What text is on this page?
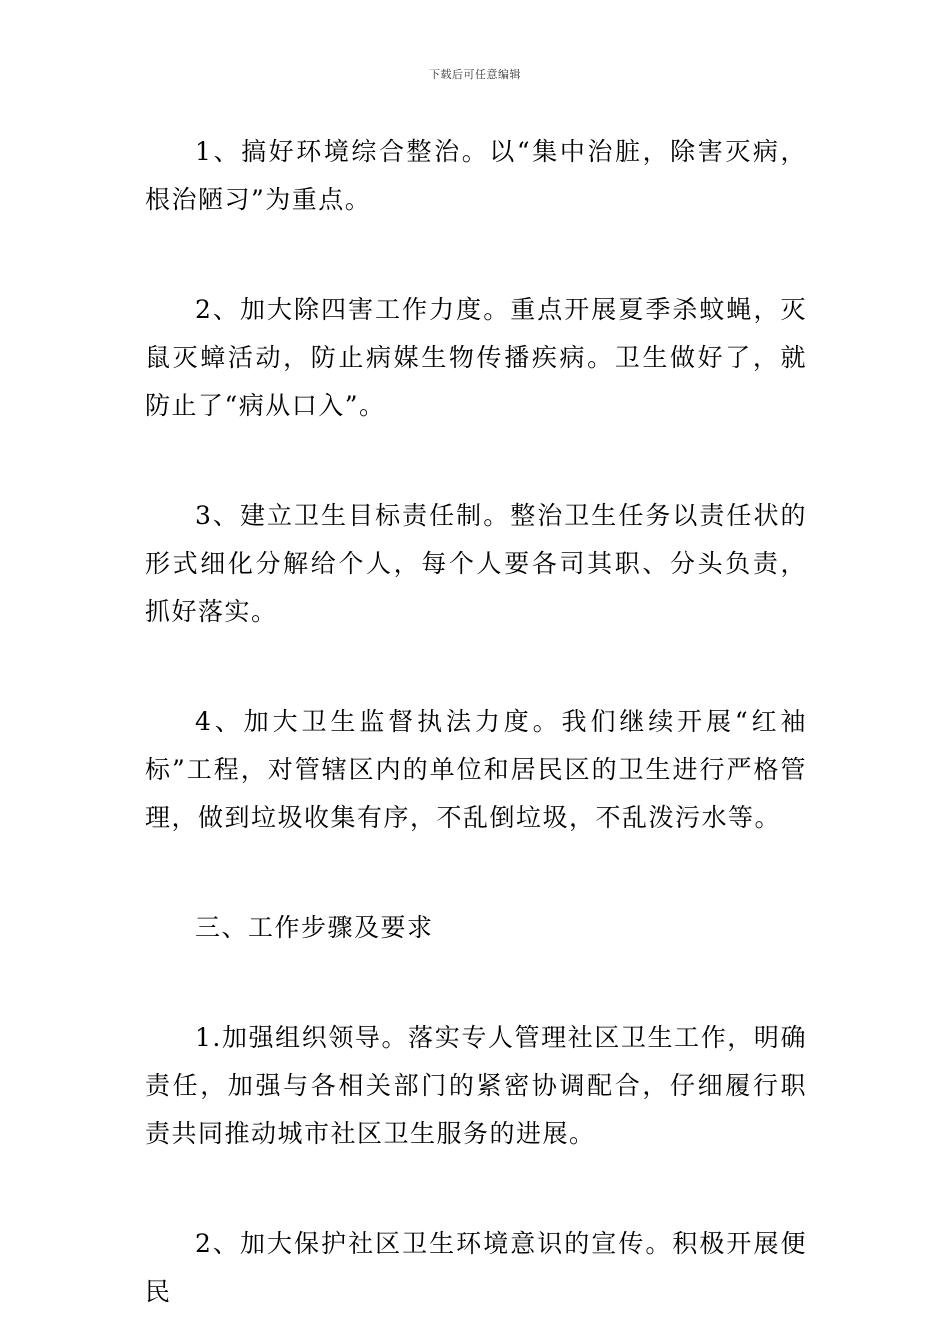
下载后可任意编辑

1、搞好环境综合整治。以“集中治脏，除害灭病，根治陋习”为重点。

2、加大除四害工作力度。重点开展夏季杀蚊蝇，灭鼠灭蟑活动，防止病媒生物传播疾病。卫生做好了，就防止了“病从口入”。

3、建立卫生目标责任制。整治卫生任务以责任状的形式细化分解给个人，每个人要各司其职、分头负责，抓好落实。

4、加大卫生监督执法力度。我们继续开展“红袖标”工程，对管辖区内的单位和居民区的卫生进行严格管理，做到垃圾收集有序，不乱倒垃圾，不乱泼污水等。

三、工作步骤及要求

1.加强组织领导。落实专人管理社区卫生工作，明确责任，加强与各相关部门的紧密协调配合，仔细履行职责共同推动城市社区卫生服务的进展。

2、加大保护社区卫生环境意识的宣传。积极开展便民
